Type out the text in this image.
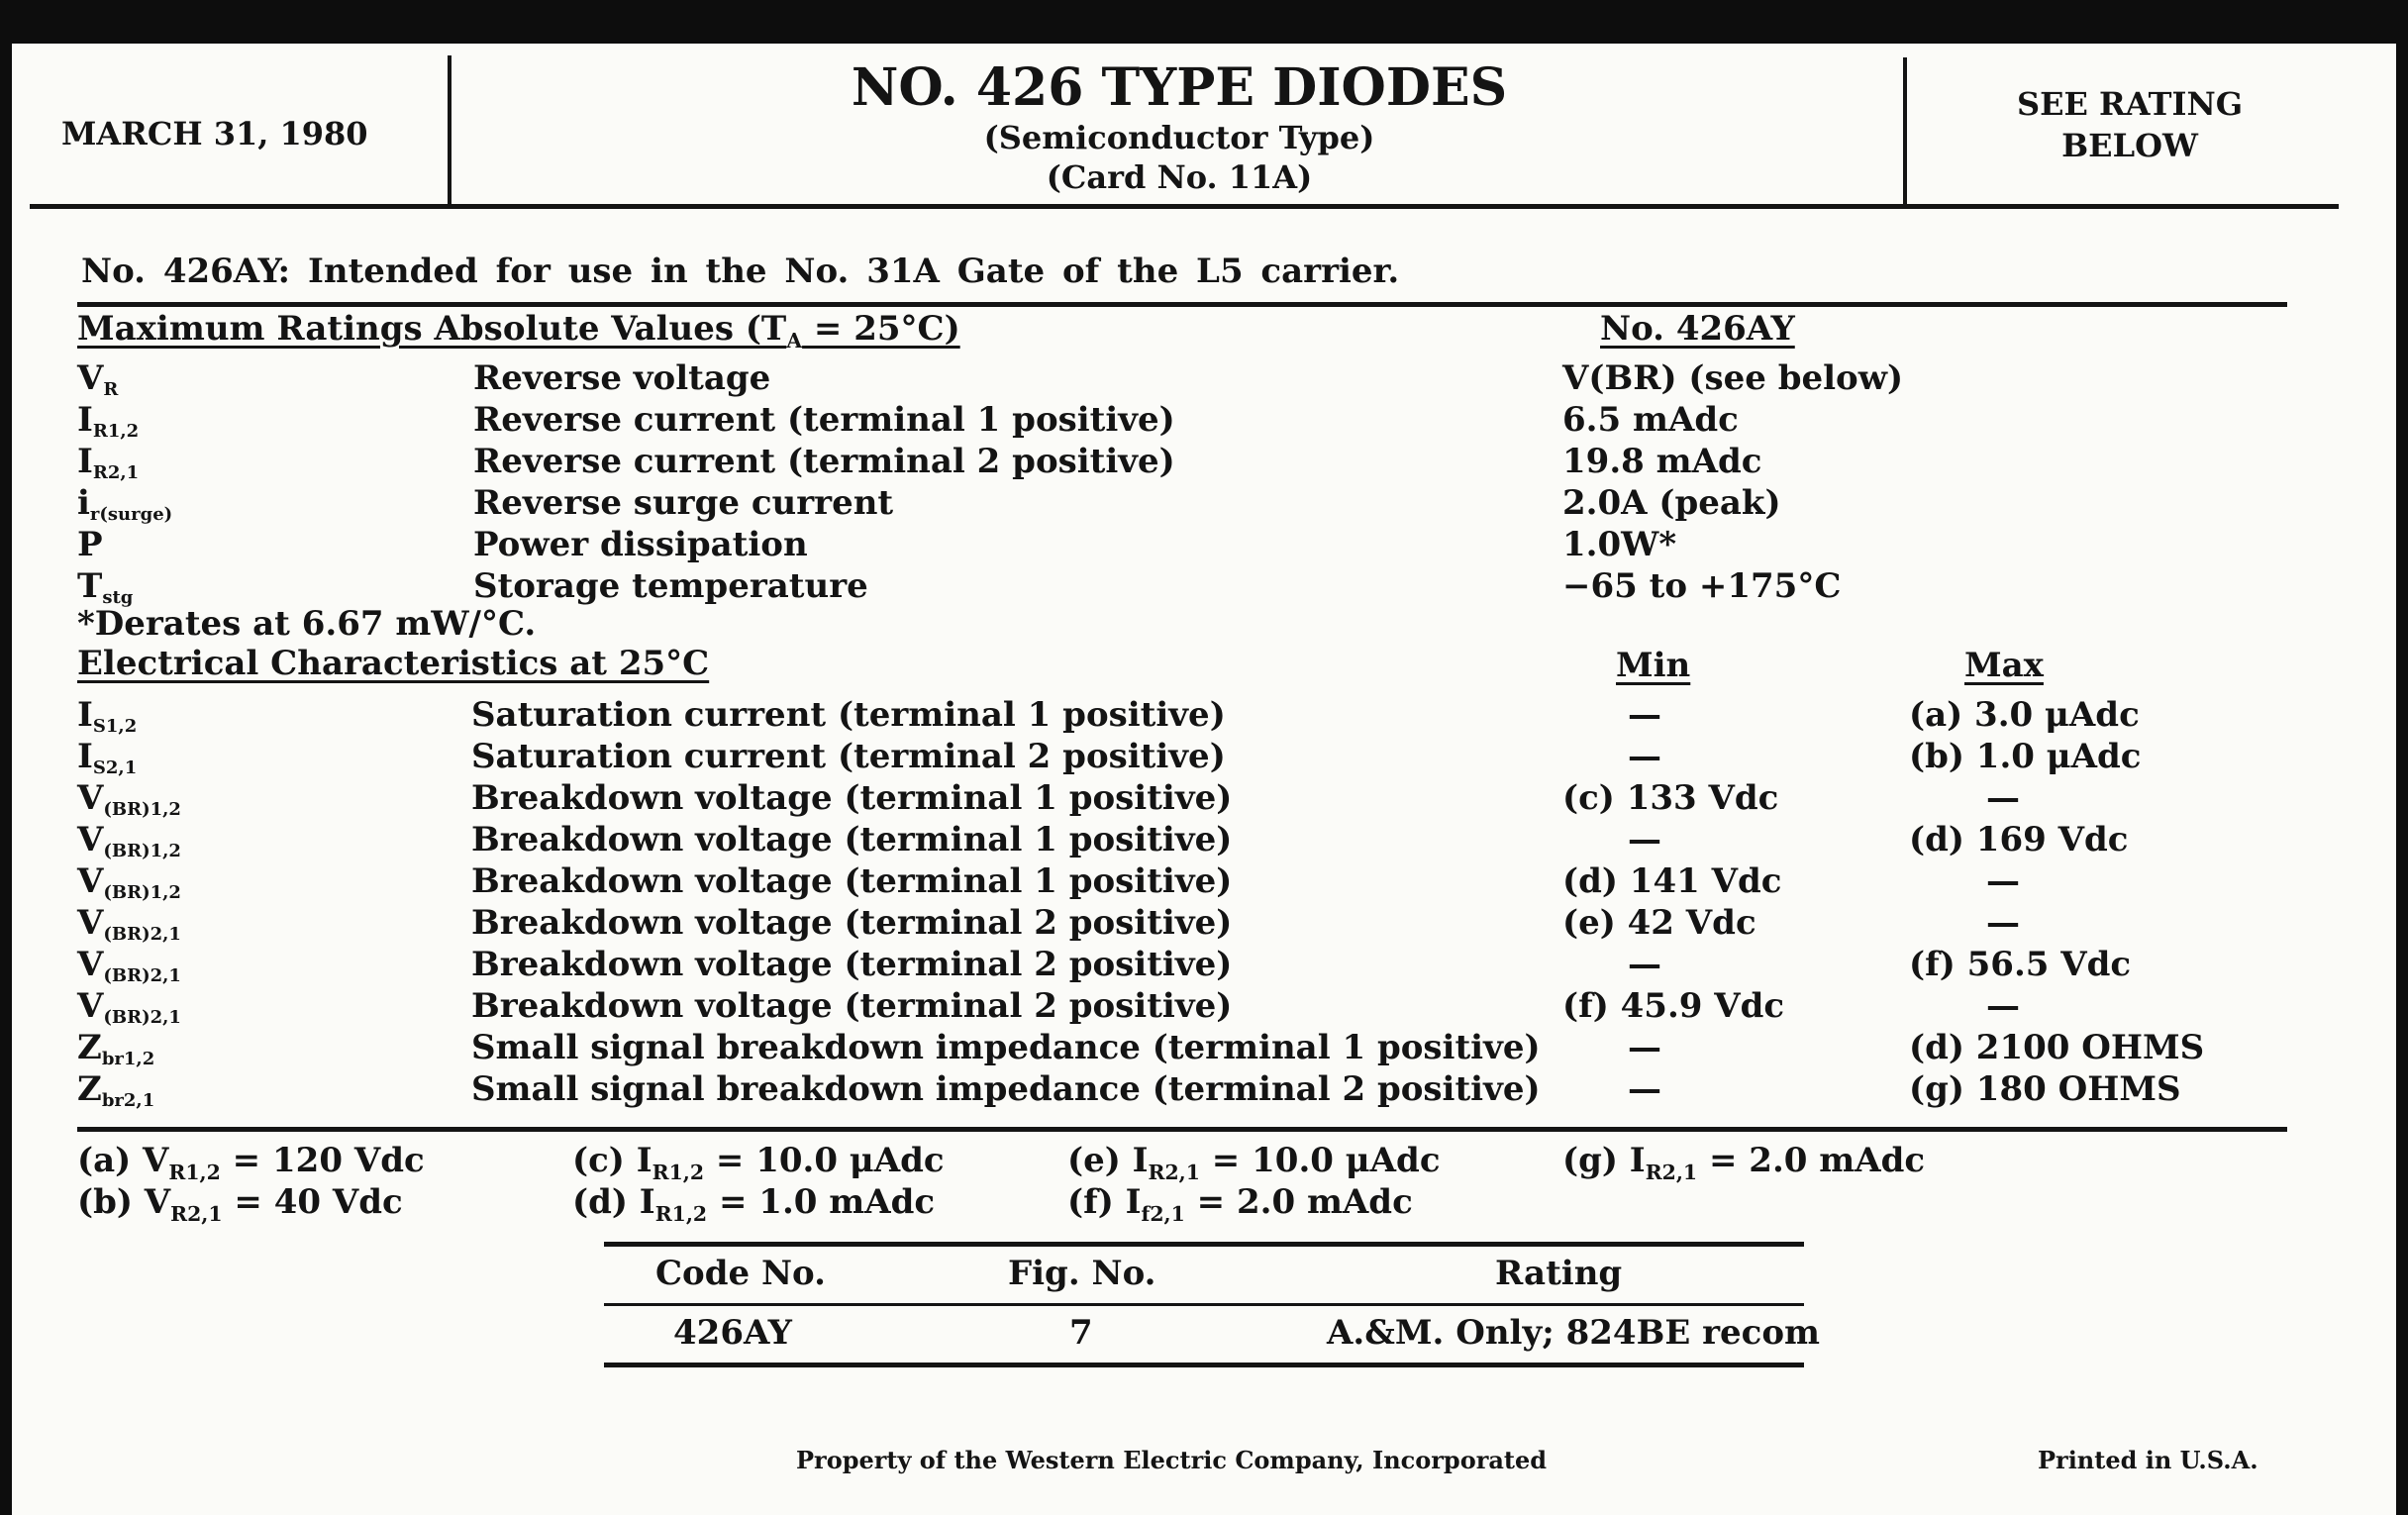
MARCH 31, 1980
NO. 426 TYPE DIODES
(Semiconductor Type)
(Card No. 11A)
SEE RATING
BELOW
No. 426AY: Intended for use in the No. 31A Gate of the L5 carrier.
Maximum Ratings Absolute Values $(T_A = 25^\circ C)$	No. 426AY
$V_R$	Reverse voltage	V(BR) (see below)
$I_{R1,2}$	Reverse current (terminal 1 positive)	6.5 mAdc
$I_{R2,1}$	Reverse current (terminal 2 positive)	19.8 mAdc
$i_{r(surge)}$	Reverse surge current	2.0A (peak)
P	Power dissipation	1.0W*
$T_{stg}$	Storage temperature	−65 to +175°C
*Derates at 6.67 mW/°C.
Electrical Characteristics at 25°C	Min	Max
$I_{S1,2}$	Saturation current (terminal 1 positive)	—	(a) 3.0 μAdc
$I_{S2,1}$	Saturation current (terminal 2 positive)	—	(b) 1.0 μAdc
$V_{(BR)1,2}$	Breakdown voltage (terminal 1 positive)	(c) 133 Vdc	—
$V_{(BR)1,2}$	Breakdown voltage (terminal 1 positive)	—	(d) 169 Vdc
$V_{(BR)1,2}$	Breakdown voltage (terminal 1 positive)	(d) 141 Vdc	—
$V_{(BR)2,1}$	Breakdown voltage (terminal 2 positive)	(e) 42 Vdc	—
$V_{(BR)2,1}$	Breakdown voltage (terminal 2 positive)	—	(f) 56.5 Vdc
$V_{(BR)2,1}$	Breakdown voltage (terminal 2 positive)	(f) 45.9 Vdc	—
$Z_{br1,2}$	Small signal breakdown impedance (terminal 1 positive)	—	(d) 2100 OHMS
$Z_{br2,1}$	Small signal breakdown impedance (terminal 2 positive)	—	(g) 180 OHMS
(a) $V_{R1,2} = 120$ Vdc
(b) $V_{R2,1} = 40$ Vdc
(c) $I_{R1,2} = 10.0$ μAdc
(d) $I_{R1,2} = 1.0$ mAdc
(e) $I_{R2,1} = 10.0$ μAdc
(f) $I_{f2,1} = 2.0$ mAdc
(g) $I_{R2,1} = 2.0$ mAdc
Code No.	Fig. No.	Rating
426AY	7	A.&M. Only; 824BE recom
Property of the Western Electric Company, Incorporated	Printed in U.S.A.
